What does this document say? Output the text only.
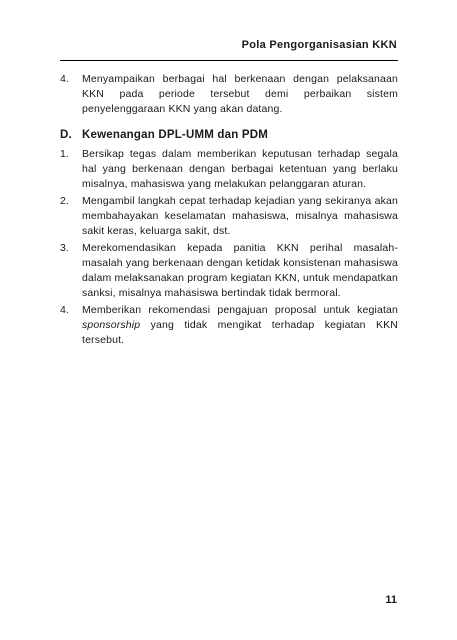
Pola Pengorganisasian KKN
4.	Menyampaikan berbagai hal berkenaan dengan pelaksanaan KKN pada periode tersebut demi perbaikan sistem penyelenggaraan KKN yang akan datang.
D. Kewenangan DPL-UMM dan PDM
1.	Bersikap tegas dalam memberikan keputusan terhadap segala hal yang berkenaan dengan berbagai ketentuan yang berlaku misalnya, mahasiswa yang melakukan pelanggaran aturan.
2.	Mengambil langkah cepat terhadap kejadian yang sekiranya akan membahayakan keselamatan mahasiswa, misalnya mahasiswa sakit keras, keluarga sakit, dst.
3.	Merekomendasikan kepada panitia KKN perihal masalah-masalah yang berkenaan dengan ketidak konsistenan mahasiswa dalam melaksanakan program kegiatan KKN, untuk mendapatkan sanksi, misalnya mahasiswa bertindak tidak bermoral.
4.	Memberikan rekomendasi pengajuan proposal untuk kegiatan sponsorship yang tidak mengikat terhadap kegiatan KKN tersebut.
11
